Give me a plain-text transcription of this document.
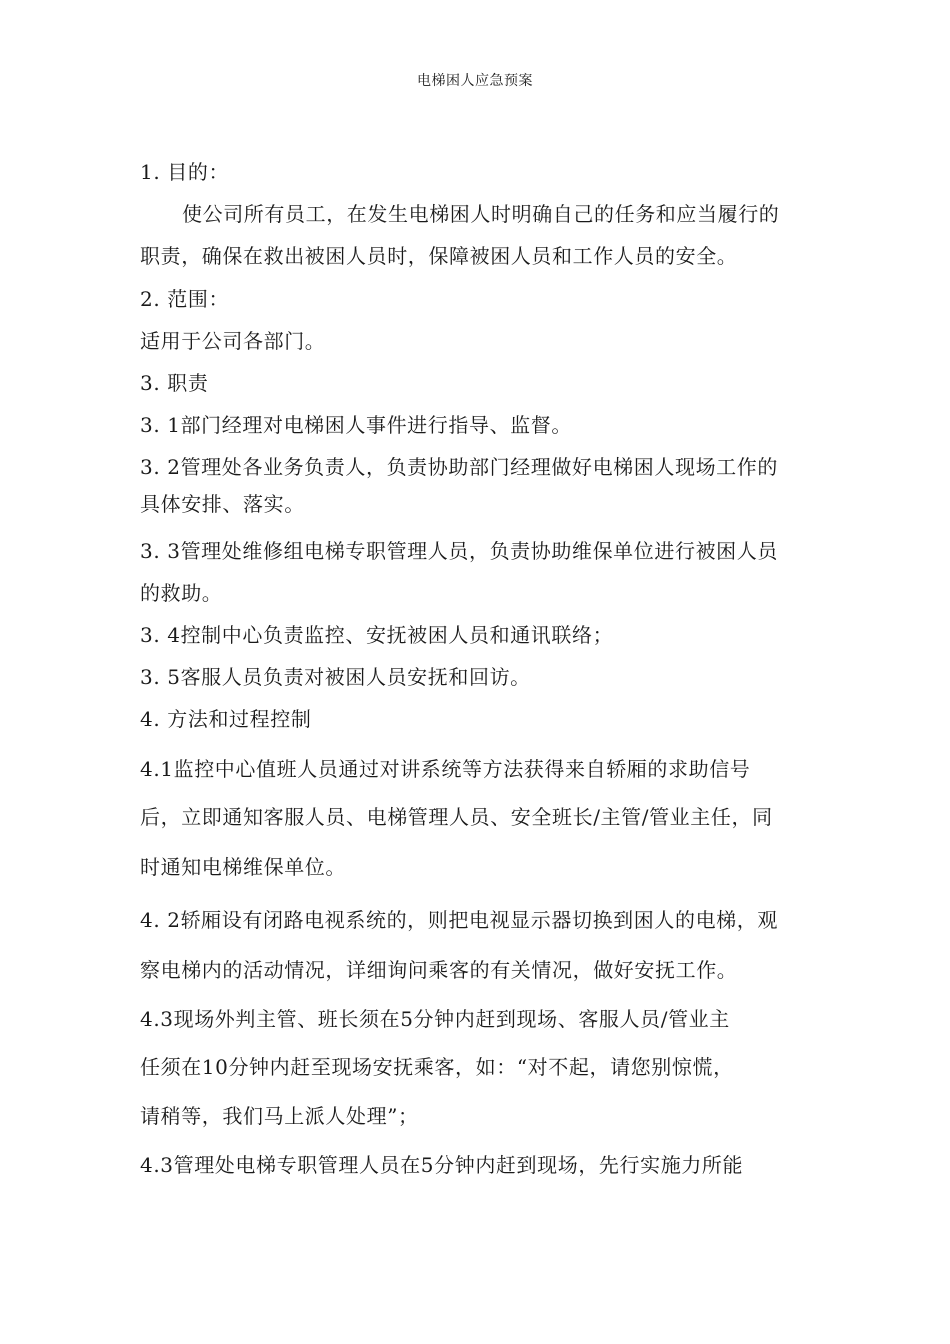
电梯困人应急预案
1. 目的：
使公司所有员工，在发生电梯困人时明确自己的任务和应当履行的
职责，确保在救出被困人员时，保障被困人员和工作人员的安全。
2. 范围：
适用于公司各部门。
3. 职责
3. 1部门经理对电梯困人事件进行指导、监督。
3. 2管理处各业务负责人，负责协助部门经理做好电梯困人现场工作的
具体安排、落实。
3. 3管理处维修组电梯专职管理人员，负责协助维保单位进行被困人员
的救助。
3. 4控制中心负责监控、安抚被困人员和通讯联络；
3. 5客服人员负责对被困人员安抚和回访。
4. 方法和过程控制
4.1监控中心值班人员通过对讲系统等方法获得来自轿厢的求助信号
后，立即通知客服人员、电梯管理人员、安全班长/主管/管业主任，同
时通知电梯维保单位。
4. 2轿厢设有闭路电视系统的，则把电视显示器切换到困人的电梯，观
察电梯内的活动情况，详细询问乘客的有关情况，做好安抚工作。
4.3现场外判主管、班长须在5分钟内赶到现场、客服人员/管业主
任须在10分钟内赶至现场安抚乘客，如：“对不起，请您别惊慌，
请稍等，我们马上派人处理”；
4.3管理处电梯专职管理人员在5分钟内赶到现场，先行实施力所能
